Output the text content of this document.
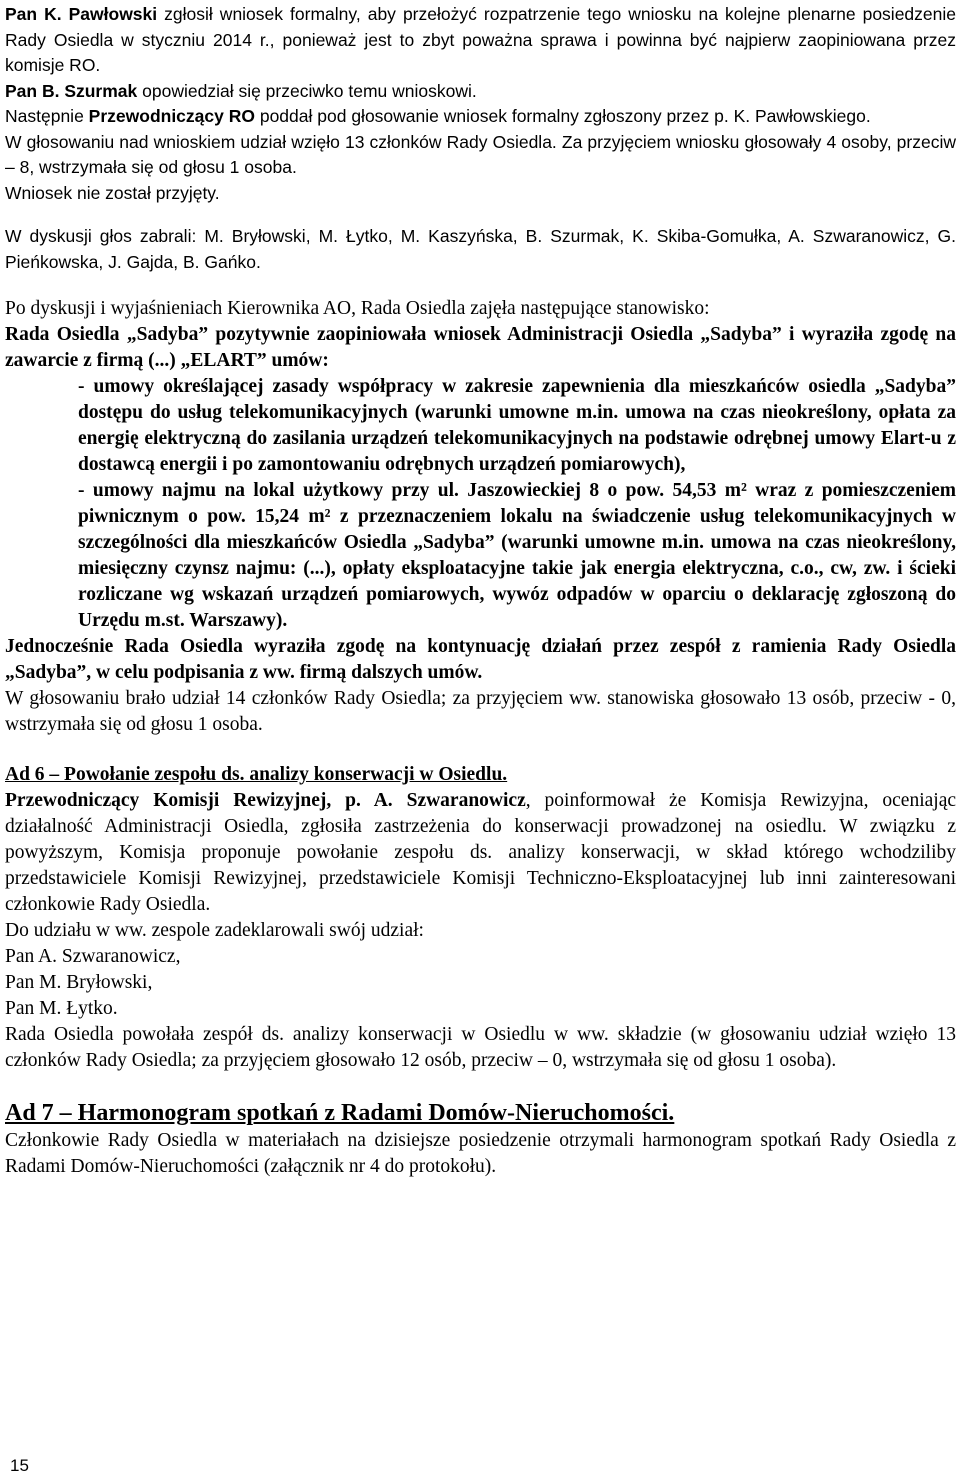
Pan K. Pawłowski zgłosił wniosek formalny, aby przełożyć rozpatrzenie tego wniosku na kolejne plenarne posiedzenie Rady Osiedla w styczniu 2014 r., ponieważ jest to zbyt poważna sprawa i powinna być najpierw zaopiniowana przez komisje RO.

Pan B. Szurmak opowiedział się przeciwko temu wnioskowi.

Następnie Przewodniczący RO poddał pod głosowanie wniosek formalny zgłoszony przez p. K. Pawłowskiego.

W głosowaniu nad wnioskiem udział wzięło 13 członków Rady Osiedla. Za przyjęciem wniosku głosowały 4 osoby, przeciw – 8, wstrzymała się od głosu 1 osoba.

Wniosek nie został przyjęty.

W dyskusji głos zabrali: M. Bryłowski, M. Łytko, M. Kaszyńska, B. Szurmak, K. Skiba-Gomułka, A. Szwaranowicz, G. Pieńkowska, J. Gajda, B. Gańko.

Po dyskusji i wyjaśnieniach Kierownika AO, Rada Osiedla zajęła następujące stanowisko:

Rada Osiedla „Sadyba” pozytywnie zaopiniowała wniosek Administracji Osiedla „Sadyba” i wyraziła zgodę na zawarcie z firmą (...) „ELART” umów:

- umowy określającej zasady współpracy w zakresie zapewnienia dla mieszkańców osiedla „Sadyba” dostępu do usług telekomunikacyjnych (warunki umowne m.in. umowa na czas nieokreślony, opłata za energię elektryczną do zasilania urządzeń telekomunikacyjnych na podstawie odrębnej umowy Elart-u z dostawcą energii i po zamontowaniu odrębnych urządzeń pomiarowych),

- umowy najmu na lokal użytkowy przy ul. Jaszowieckiej 8 o pow. 54,53 m² wraz z pomieszczeniem piwnicznym o pow. 15,24 m² z przeznaczeniem lokalu na świadczenie usług telekomunikacyjnych w szczególności dla mieszkańców Osiedla „Sadyba” (warunki umowne m.in. umowa na czas nieokreślony, miesięczny czynsz najmu: (...), opłaty eksploatacyjne takie jak energia elektryczna, c.o., cw, zw. i ścieki rozliczane wg wskazań urządzeń pomiarowych, wywóz odpadów w oparciu o deklarację zgłoszoną do Urzędu m.st. Warszawy).

Jednocześnie Rada Osiedla wyraziła zgodę na kontynuację działań przez zespół z ramienia Rady Osiedla „Sadyba”, w celu podpisania z ww. firmą dalszych umów.

W głosowaniu brało udział 14 członków Rady Osiedla; za przyjęciem ww. stanowiska głosowało 13 osób, przeciw - 0, wstrzymała się od głosu 1 osoba.

Ad 6 – Powołanie zespołu ds. analizy konserwacji w Osiedlu.

Przewodniczący Komisji Rewizyjnej, p. A. Szwaranowicz, poinformował że Komisja Rewizyjna, oceniając działalność Administracji Osiedla, zgłosiła zastrzeżenia do konserwacji prowadzonej na osiedlu. W związku z powyższym, Komisja proponuje powołanie zespołu ds. analizy konserwacji, w skład którego wchodziliby przedstawiciele Komisji Rewizyjnej, przedstawiciele Komisji Techniczno-Eksploatacyjnej lub inni zainteresowani członkowie Rady Osiedla.

Do udziału w ww. zespole zadeklarowali swój udział:

Pan A. Szwaranowicz,

Pan M. Bryłowski,

Pan M. Łytko.

Rada Osiedla powołała zespół ds. analizy konserwacji w Osiedlu w ww. składzie (w głosowaniu udział wzięło 13 członków Rady Osiedla; za przyjęciem głosowało 12 osób, przeciw – 0, wstrzymała się od głosu 1 osoba).

Ad 7 – Harmonogram spotkań z Radami Domów-Nieruchomości.

Członkowie Rady Osiedla w materiałach na dzisiejsze posiedzenie otrzymali harmonogram spotkań Rady Osiedla z Radami Domów-Nieruchomości (załącznik nr 4 do protokołu).

15
